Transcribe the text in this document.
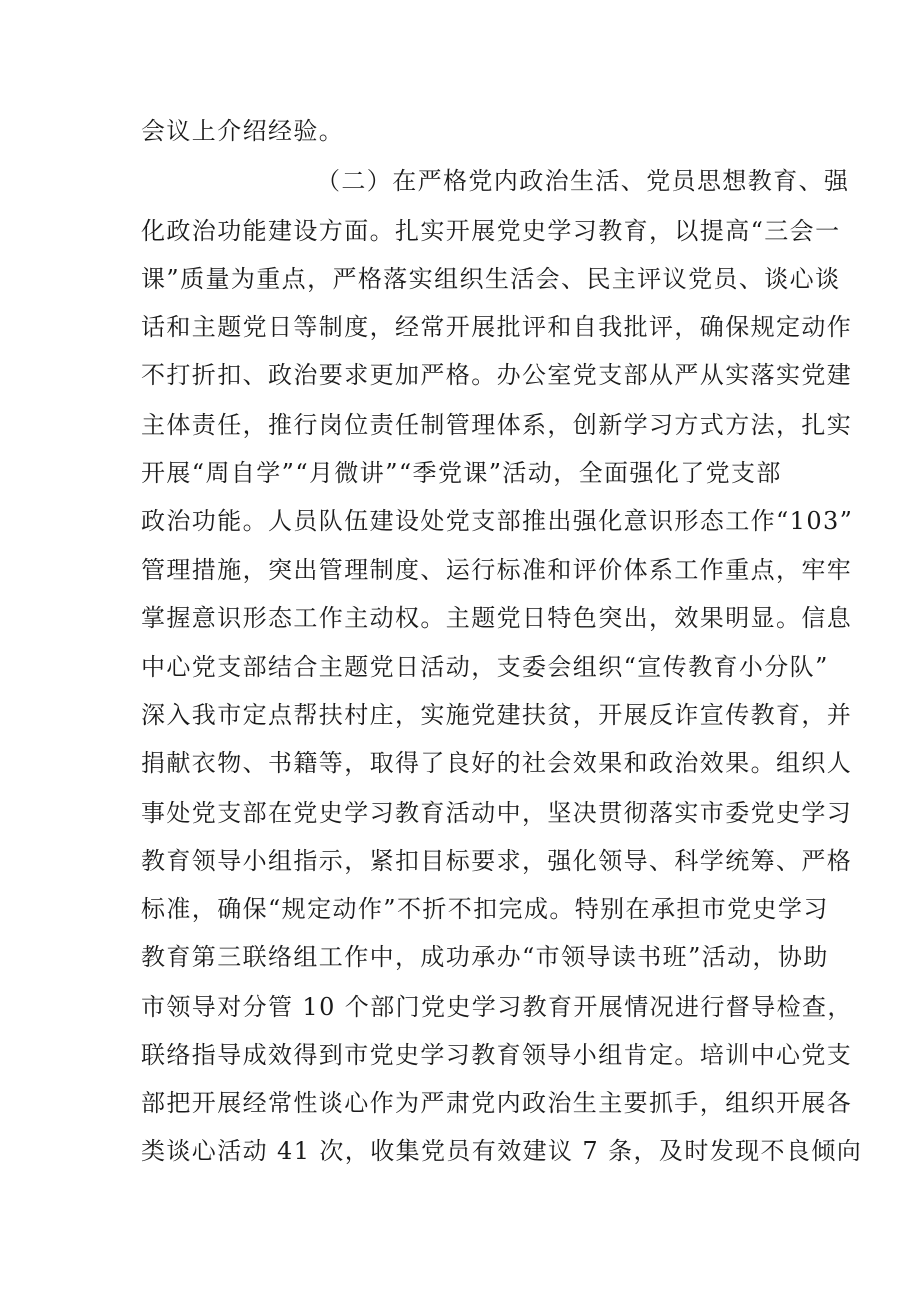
会议上介绍经验。
（二）在严格党内政治生活、党员思想教育、强
化政治功能建设方面。扎实开展党史学习教育，以提高“三会一
课”质量为重点，严格落实组织生活会、民主评议党员、谈心谈
话和主题党日等制度，经常开展批评和自我批评，确保规定动作
不打折扣、政治要求更加严格。办公室党支部从严从实落实党建
主体责任，推行岗位责任制管理体系，创新学习方式方法，扎实
开展“周自学”“月微讲”“季党课”活动，全面强化了党支部
政治功能。人员队伍建设处党支部推出强化意识形态工作“103”
管理措施，突出管理制度、运行标准和评价体系工作重点，牢牢
掌握意识形态工作主动权。主题党日特色突出，效果明显。信息
中心党支部结合主题党日活动，支委会组织“宣传教育小分队”
深入我市定点帮扶村庄，实施党建扶贫，开展反诈宣传教育，并
捐献衣物、书籍等，取得了良好的社会效果和政治效果。组织人
事处党支部在党史学习教育活动中，坚决贯彻落实市委党史学习
教育领导小组指示，紧扣目标要求，强化领导、科学统筹、严格
标准，确保“规定动作”不折不扣完成。特别在承担市党史学习
教育第三联络组工作中，成功承办“市领导读书班”活动，协助
市领导对分管 10 个部门党史学习教育开展情况进行督导检查，
联络指导成效得到市党史学习教育领导小组肯定。培训中心党支
部把开展经常性谈心作为严肃党内政治生主要抓手，组织开展各
类谈心活动 41 次，收集党员有效建议 7 条，及时发现不良倾向
